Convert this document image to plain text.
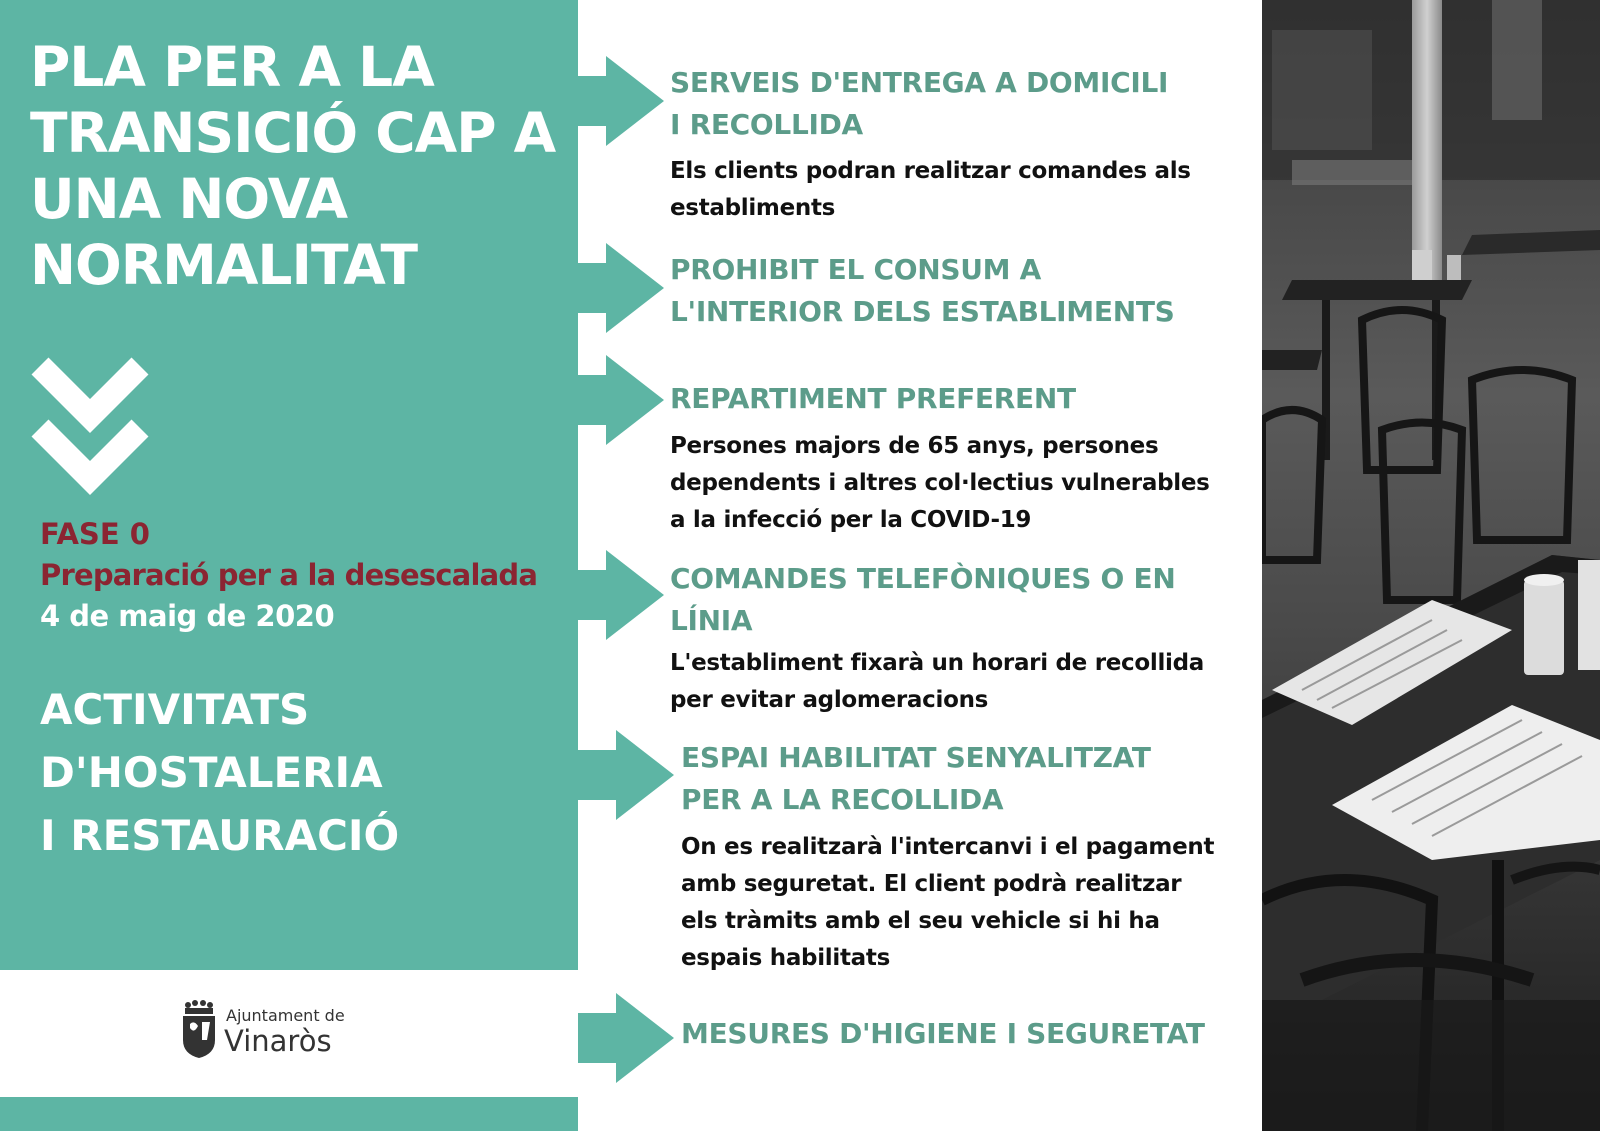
PLA PER A LA
TRANSICIÓ CAP A
UNA NOVA
NORMALITAT
FASE 0
Preparació per a la desescalada
4 de maig de 2020
ACTIVITATS
D'HOSTALERIA
I RESTAURACIÓ
Ajuntament de
Vinaròs
SERVEIS D'ENTREGA A DOMICILI
I RECOLLIDA
Els clients podran realitzar comandes als
establiments
PROHIBIT EL CONSUM A
L'INTERIOR DELS ESTABLIMENTS
REPARTIMENT PREFERENT
Persones majors de 65 anys, persones
dependents i altres col·lectius vulnerables
a la infecció per la COVID-19
COMANDES TELEFÒNIQUES O EN
LÍNIA
L'establiment fixarà un horari de recollida
per evitar aglomeracions
ESPAI HABILITAT SENYALITZAT
PER A LA RECOLLIDA
On es realitzarà l'intercanvi i el pagament
amb seguretat. El client podrà realitzar
els tràmits amb el seu vehicle si hi ha
espais habilitats
MESURES D'HIGIENE I SEGURETAT
